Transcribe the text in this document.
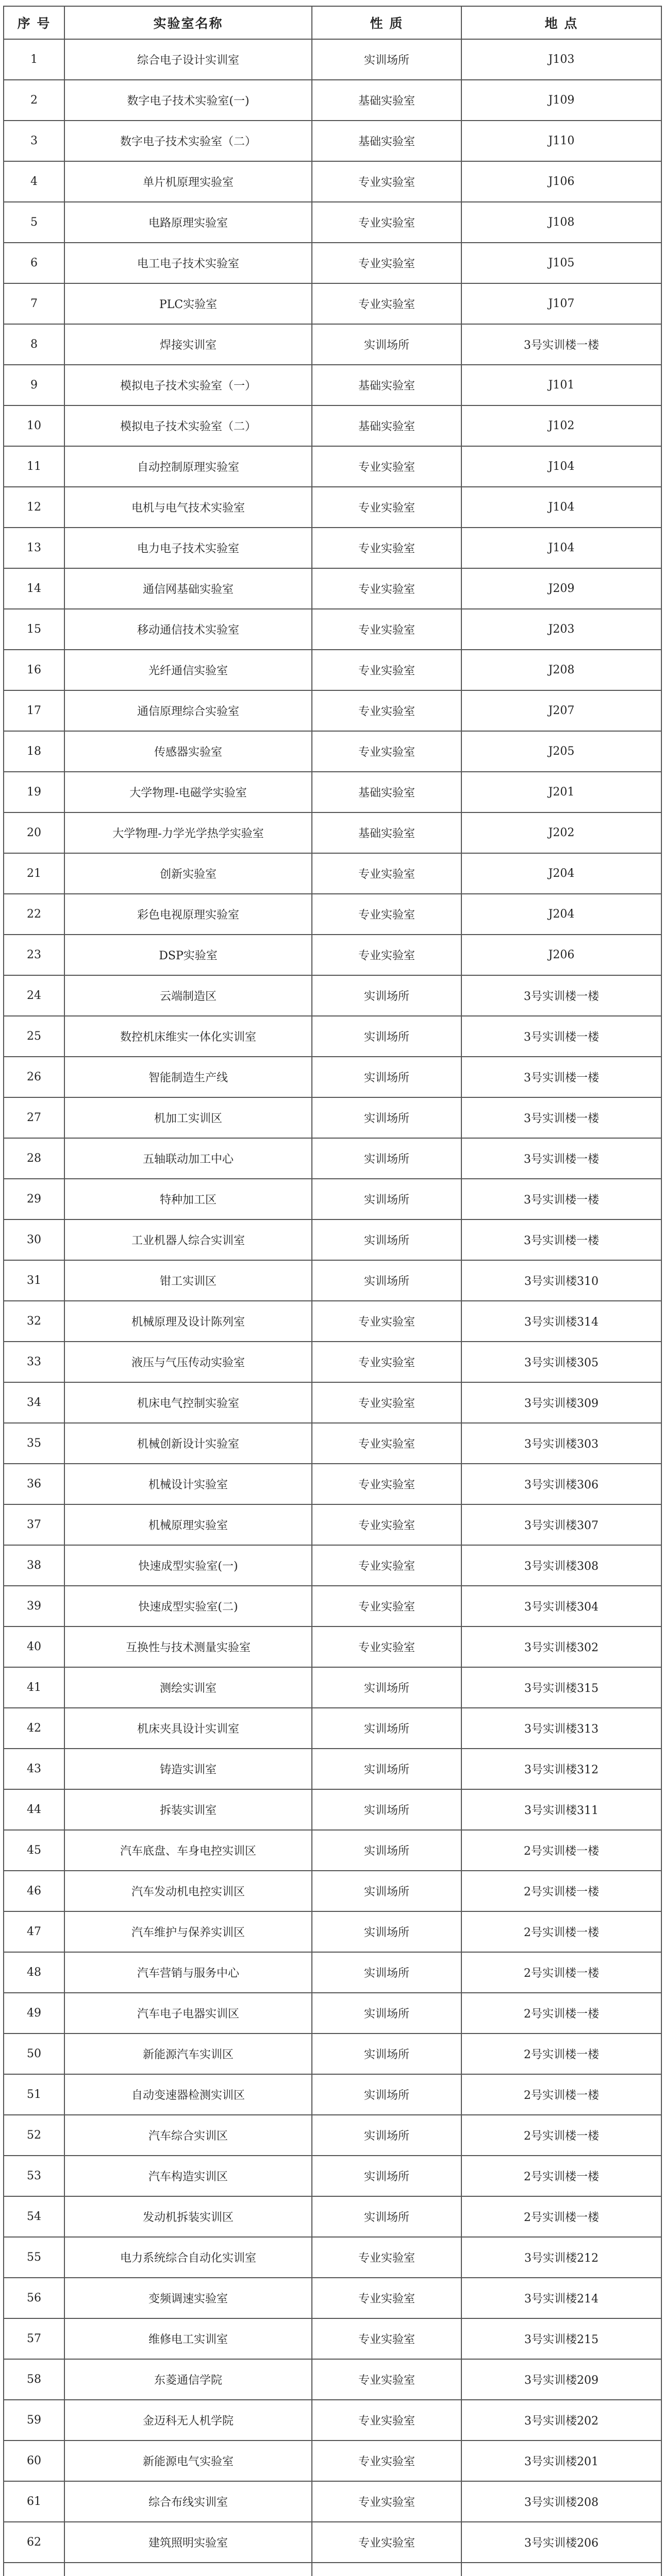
序 号	实验室名称	性 质	地 点
1	综合电子设计实训室	实训场所	J103
2	数字电子技术实验室(一)	基础实验室	J109
3	数字电子技术实验室（二）	基础实验室	J110
4	单片机原理实验室	专业实验室	J106
5	电路原理实验室	专业实验室	J108
6	电工电子技术实验室	专业实验室	J105
7	PLC实验室	专业实验室	J107
8	焊接实训室	实训场所	3号实训楼一楼
9	模拟电子技术实验室（一）	基础实验室	J101
10	模拟电子技术实验室（二）	基础实验室	J102
11	自动控制原理实验室	专业实验室	J104
12	电机与电气技术实验室	专业实验室	J104
13	电力电子技术实验室	专业实验室	J104
14	通信网基础实验室	专业实验室	J209
15	移动通信技术实验室	专业实验室	J203
16	光纤通信实验室	专业实验室	J208
17	通信原理综合实验室	专业实验室	J207
18	传感器实验室	专业实验室	J205
19	大学物理-电磁学实验室	基础实验室	J201
20	大学物理-力学光学热学实验室	基础实验室	J202
21	创新实验室	专业实验室	J204
22	彩色电视原理实验室	专业实验室	J204
23	DSP实验室	专业实验室	J206
24	云端制造区	实训场所	3号实训楼一楼
25	数控机床维实一体化实训室	实训场所	3号实训楼一楼
26	智能制造生产线	实训场所	3号实训楼一楼
27	机加工实训区	实训场所	3号实训楼一楼
28	五轴联动加工中心	实训场所	3号实训楼一楼
29	特种加工区	实训场所	3号实训楼一楼
30	工业机器人综合实训室	实训场所	3号实训楼一楼
31	钳工实训区	实训场所	3号实训楼310
32	机械原理及设计陈列室	专业实验室	3号实训楼314
33	液压与气压传动实验室	专业实验室	3号实训楼305
34	机床电气控制实验室	专业实验室	3号实训楼309
35	机械创新设计实验室	专业实验室	3号实训楼303
36	机械设计实验室	专业实验室	3号实训楼306
37	机械原理实验室	专业实验室	3号实训楼307
38	快速成型实验室(一)	专业实验室	3号实训楼308
39	快速成型实验室(二)	专业实验室	3号实训楼304
40	互换性与技术测量实验室	专业实验室	3号实训楼302
41	测绘实训室	实训场所	3号实训楼315
42	机床夹具设计实训室	实训场所	3号实训楼313
43	铸造实训室	实训场所	3号实训楼312
44	拆装实训室	实训场所	3号实训楼311
45	汽车底盘、车身电控实训区	实训场所	2号实训楼一楼
46	汽车发动机电控实训区	实训场所	2号实训楼一楼
47	汽车维护与保养实训区	实训场所	2号实训楼一楼
48	汽车营销与服务中心	实训场所	2号实训楼一楼
49	汽车电子电器实训区	实训场所	2号实训楼一楼
50	新能源汽车实训区	实训场所	2号实训楼一楼
51	自动变速器检测实训区	实训场所	2号实训楼一楼
52	汽车综合实训区	实训场所	2号实训楼一楼
53	汽车构造实训区	实训场所	2号实训楼一楼
54	发动机拆装实训区	实训场所	2号实训楼一楼
55	电力系统综合自动化实训室	专业实验室	3号实训楼212
56	变频调速实验室	专业实验室	3号实训楼214
57	维修电工实训室	专业实验室	3号实训楼215
58	东菱通信学院	专业实验室	3号实训楼209
59	金迈科无人机学院	专业实验室	3号实训楼202
60	新能源电气实验室	专业实验室	3号实训楼201
61	综合布线实训室	专业实验室	3号实训楼208
62	建筑照明实验室	专业实验室	3号实训楼206
